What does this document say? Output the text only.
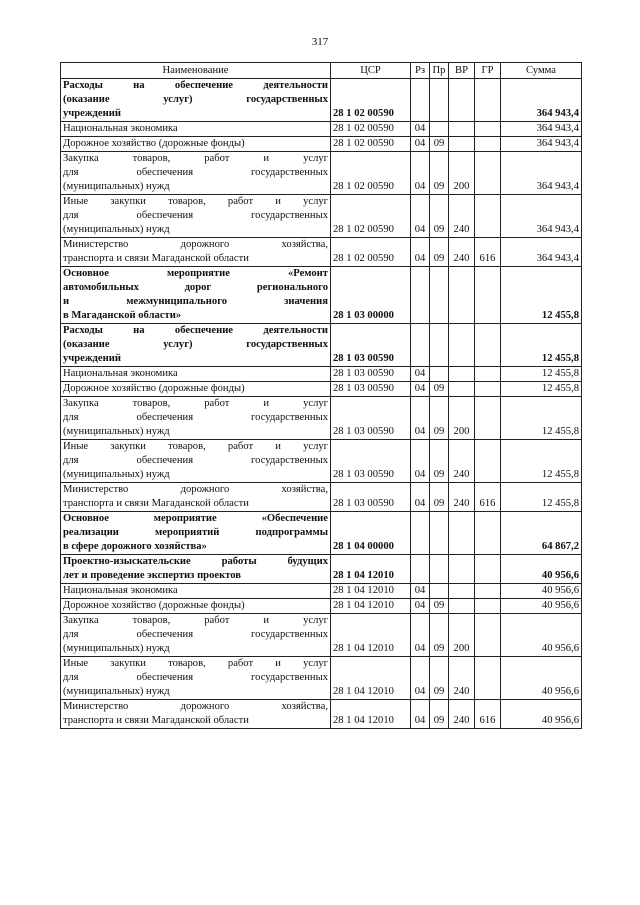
317
Наименование	ЦСР	Рз	Пр	ВР	ГР	Сумма

Расходы на обеспечение деятельности
(оказание услуг) государственных
учреждений	28 1 02 00590					364 943,4

Национальная экономика	28 1 02 00590	04				364 943,4

Дорожное хозяйство (дорожные фонды)	28 1 02 00590	04	09			364 943,4

Закупка товаров, работ и услуг
для обеспечения государственных
(муниципальных) нужд	28 1 02 00590	04	09	200		364 943,4

Иные закупки товаров, работ и услуг
для обеспечения государственных
(муниципальных) нужд	28 1 02 00590	04	09	240		364 943,4

Министерство дорожного хозяйства,
транспорта и связи Магаданской области	28 1 02 00590	04	09	240	616	364 943,4

Основное мероприятие «Ремонт
автомобильных дорог регионального
и межмуниципального значения
в Магаданской области»	28 1 03 00000					12 455,8

Расходы на обеспечение деятельности
(оказание услуг) государственных
учреждений	28 1 03 00590					12 455,8

Национальная экономика	28 1 03 00590	04				12 455,8

Дорожное хозяйство (дорожные фонды)	28 1 03 00590	04	09			12 455,8

Закупка товаров, работ и услуг
для обеспечения государственных
(муниципальных) нужд	28 1 03 00590	04	09	200		12 455,8

Иные закупки товаров, работ и услуг
для обеспечения государственных
(муниципальных) нужд	28 1 03 00590	04	09	240		12 455,8

Министерство дорожного хозяйства,
транспорта и связи Магаданской области	28 1 03 00590	04	09	240	616	12 455,8

Основное мероприятие «Обеспечение
реализации мероприятий подпрограммы
в сфере дорожного хозяйства»	28 1 04 00000					64 867,2

Проектно-изыскательские работы будущих
лет и проведение экспертиз проектов	28 1 04 12010					40 956,6

Национальная экономика	28 1 04 12010	04				40 956,6

Дорожное хозяйство (дорожные фонды)	28 1 04 12010	04	09			40 956,6

Закупка товаров, работ и услуг
для обеспечения государственных
(муниципальных) нужд	28 1 04 12010	04	09	200		40 956,6

Иные закупки товаров, работ и услуг
для обеспечения государственных
(муниципальных) нужд	28 1 04 12010	04	09	240		40 956,6

Министерство дорожного хозяйства,
транспорта и связи Магаданской области	28 1 04 12010	04	09	240	616	40 956,6
